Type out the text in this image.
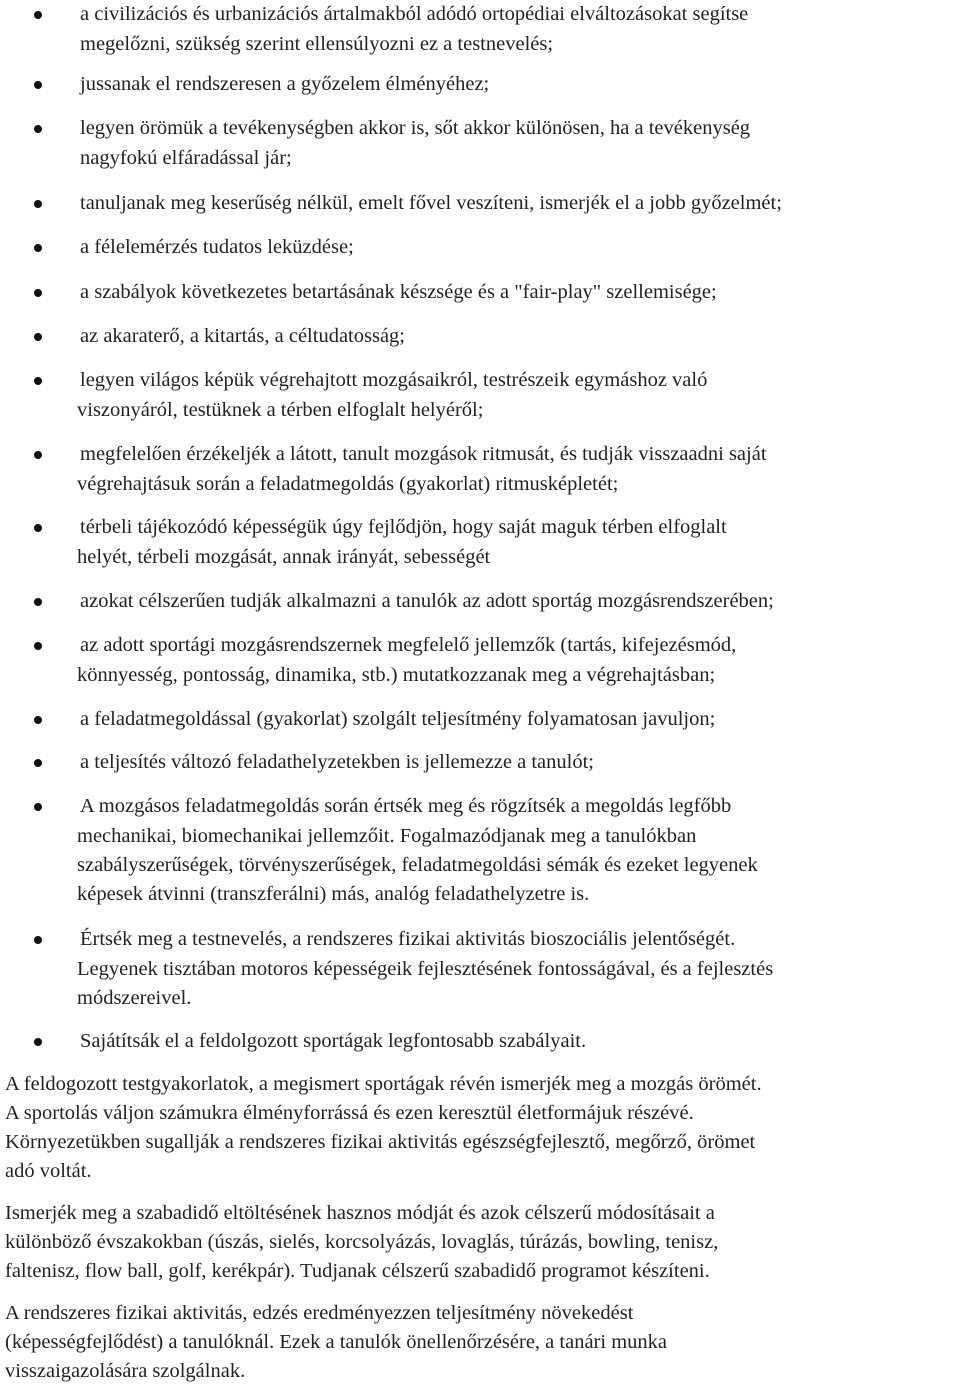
a civilizációs és urbanizációs ártalmakból adódó ortopédiai elváltozásokat segítse
megelőzni, szükség szerint ellensúlyozni ez a testnevelés;
jussanak el rendszeresen a győzelem élményéhez;
legyen örömük a tevékenységben akkor is, sőt akkor különösen, ha a tevékenység
nagyfokú elfáradással jár;
tanuljanak meg keserűség nélkül, emelt fővel veszíteni, ismerjék el a jobb győzelmét;
a félelemérzés tudatos leküzdése;
a szabályok következetes betartásának készsége és a "fair-play" szellemisége;
az akaraterő, a kitartás, a céltudatosság;
legyen világos képük végrehajtott mozgásaikról, testrészeik egymáshoz való
viszonyáról, testüknek a térben elfoglalt helyéről;
megfelelően érzékeljék a látott, tanult mozgások ritmusát, és tudják visszaadni saját
végrehajtásuk során a feladatmegoldás (gyakorlat) ritmusképletét;
térbeli tájékozódó képességük úgy fejlődjön, hogy saját maguk térben elfoglalt
helyét, térbeli mozgását, annak irányát, sebességét
azokat célszerűen tudják alkalmazni a tanulók az adott sportág mozgásrendszerében;
az adott sportági mozgásrendszernek megfelelő jellemzők (tartás, kifejezésmód,
könnyesség, pontosság, dinamika, stb.) mutatkozzanak meg a végrehajtásban;
a feladatmegoldással (gyakorlat) szolgált teljesítmény folyamatosan javuljon;
a teljesítés változó feladathelyzetekben is jellemezze a tanulót;
A mozgásos feladatmegoldás során értsék meg és rögzítsék a megoldás legfőbb
mechanikai, biomechanikai jellemzőit. Fogalmazódjanak meg a tanulókban
szabályszerűségek, törvényszerűségek, feladatmegoldási sémák és ezeket legyenek
képesek átvinni (transzferálni) más, analóg feladathelyzetre is.
Értsék meg a testnevelés, a rendszeres fizikai aktivitás bioszociális jelentőségét.
Legyenek tisztában motoros képességeik fejlesztésének fontosságával, és a fejlesztés
módszereivel.
Sajátítsák el a feldolgozott sportágak legfontosabb szabályait.
A feldogozott testgyakorlatok, a megismert sportágak révén ismerjék meg a mozgás örömét.
A sportolás váljon számukra élményforrássá és ezen keresztül életformájuk részévé.
Környezetükben sugallják a rendszeres fizikai aktivitás egészségfejlesztő, megőrző, örömet
adó voltát.
Ismerjék meg a szabadidő eltöltésének hasznos módját és azok célszerű módosításait a
különböző évszakokban (úszás, sielés, korcsolyázás, lovaglás, túrázás, bowling, tenisz,
faltenisz, flow ball, golf, kerékpár). Tudjanak célszerű szabadidő programot készíteni.
A rendszeres fizikai aktivitás, edzés eredményezzen teljesítmény növekedést
(képességfejlődést) a tanulóknál. Ezek a tanulók önellenőrzésére, a tanári munka
visszaigazolására szolgálnak.
